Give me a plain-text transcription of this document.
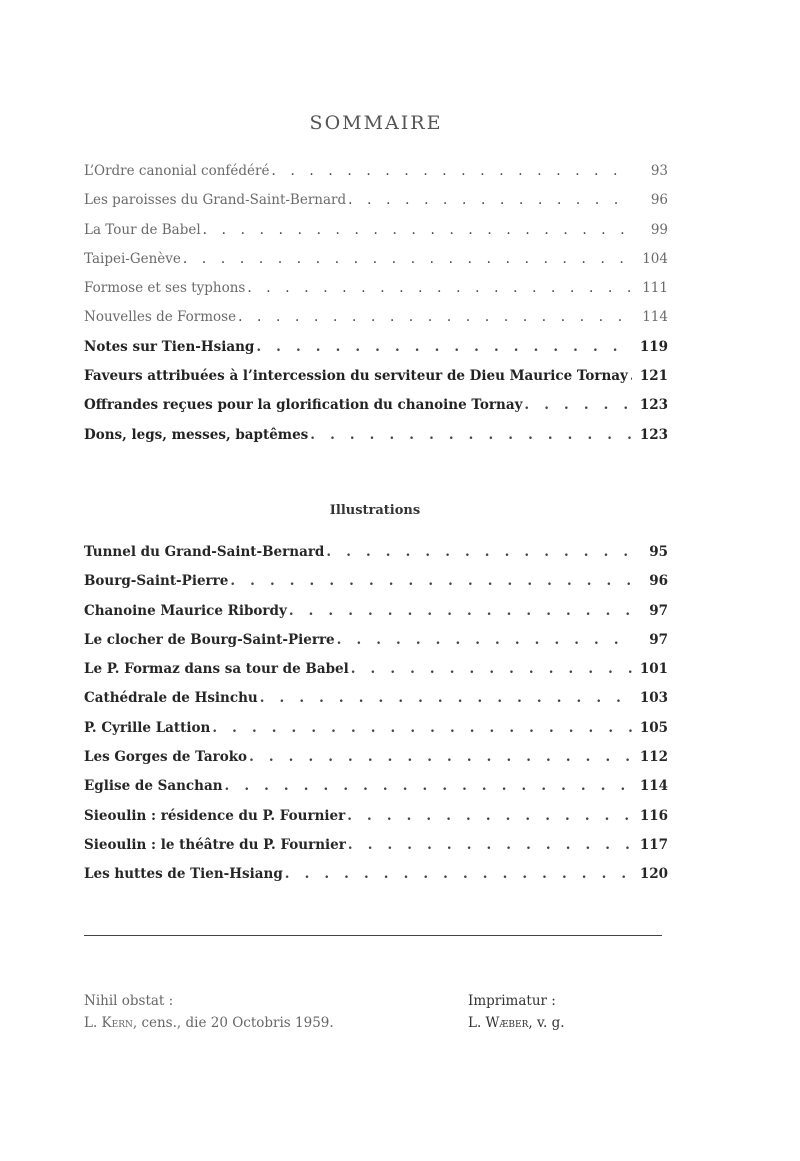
SOMMAIRE
L’Ordre canonial confédéré . . .	93
Les paroisses du Grand-Saint-Bernard . . .	96
La Tour de Babel . . .	99
Taipei-Genève . . .	104
Formose et ses typhons . . .	111
Nouvelles de Formose . . .	114
Notes sur Tien-Hsiang . . .	119
Faveurs attribuées à l’intercession du serviteur de Dieu Maurice Tornay . . . 121
Offrandes reçues pour la glorification du chanoine Tornay . . .	123
Dons, legs, messes, baptêmes . . .	123
Illustrations
Tunnel du Grand-Saint-Bernard . . .	95
Bourg-Saint-Pierre . . .	96
Chanoine Maurice Ribordy . . .	97
Le clocher de Bourg-Saint-Pierre . . .	97
Le P. Formaz dans sa tour de Babel . . .	101
Cathédrale de Hsinchu . . .	103
P. Cyrille Lattion . . .	105
Les Gorges de Taroko . . .	112
Eglise de Sanchan . . .	114
Sieoulin : résidence du P. Fournier . . .	116
Sieoulin : le théâtre du P. Fournier . . .	117
Les huttes de Tien-Hsiang . . .	120
Nihil obstat :
L. Kern, cens., die 20 Octobris 1959.
Imprimatur :
L. Wæber, v. g.
